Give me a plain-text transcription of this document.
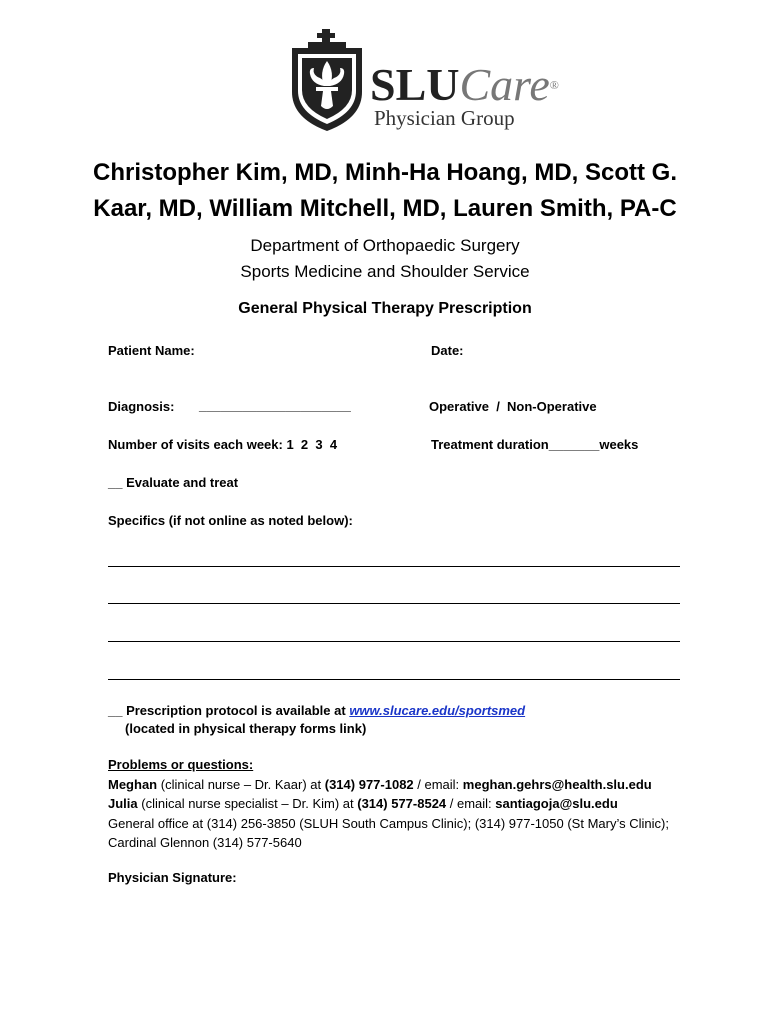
SLUCare®
Physician Group
Christopher Kim, MD, Minh-Ha Hoang, MD, Scott G.
Kaar, MD, William Mitchell, MD, Lauren Smith, PA-C
Department of Orthopaedic Surgery
Sports Medicine and Shoulder Service
General Physical Therapy Prescription
Patient Name:	Date:
Diagnosis: _____________________	Operative  /  Non-Operative
Number of visits each week: 1  2  3  4	Treatment duration_______weeks
__ Evaluate and treat
Specifics (if not online as noted below):
__ Prescription protocol is available at www.slucare.edu/sportsmed
(located in physical therapy forms link)
Problems or questions:
Meghan (clinical nurse – Dr. Kaar) at (314) 977-1082 / email: meghan.gehrs@health.slu.edu
Julia (clinical nurse specialist – Dr. Kim) at (314) 577-8524 / email: santiagoja@slu.edu
General office at (314) 256-3850 (SLUH South Campus Clinic); (314) 977-1050 (St Mary’s Clinic);
Cardinal Glennon (314) 577-5640
Physician Signature:
